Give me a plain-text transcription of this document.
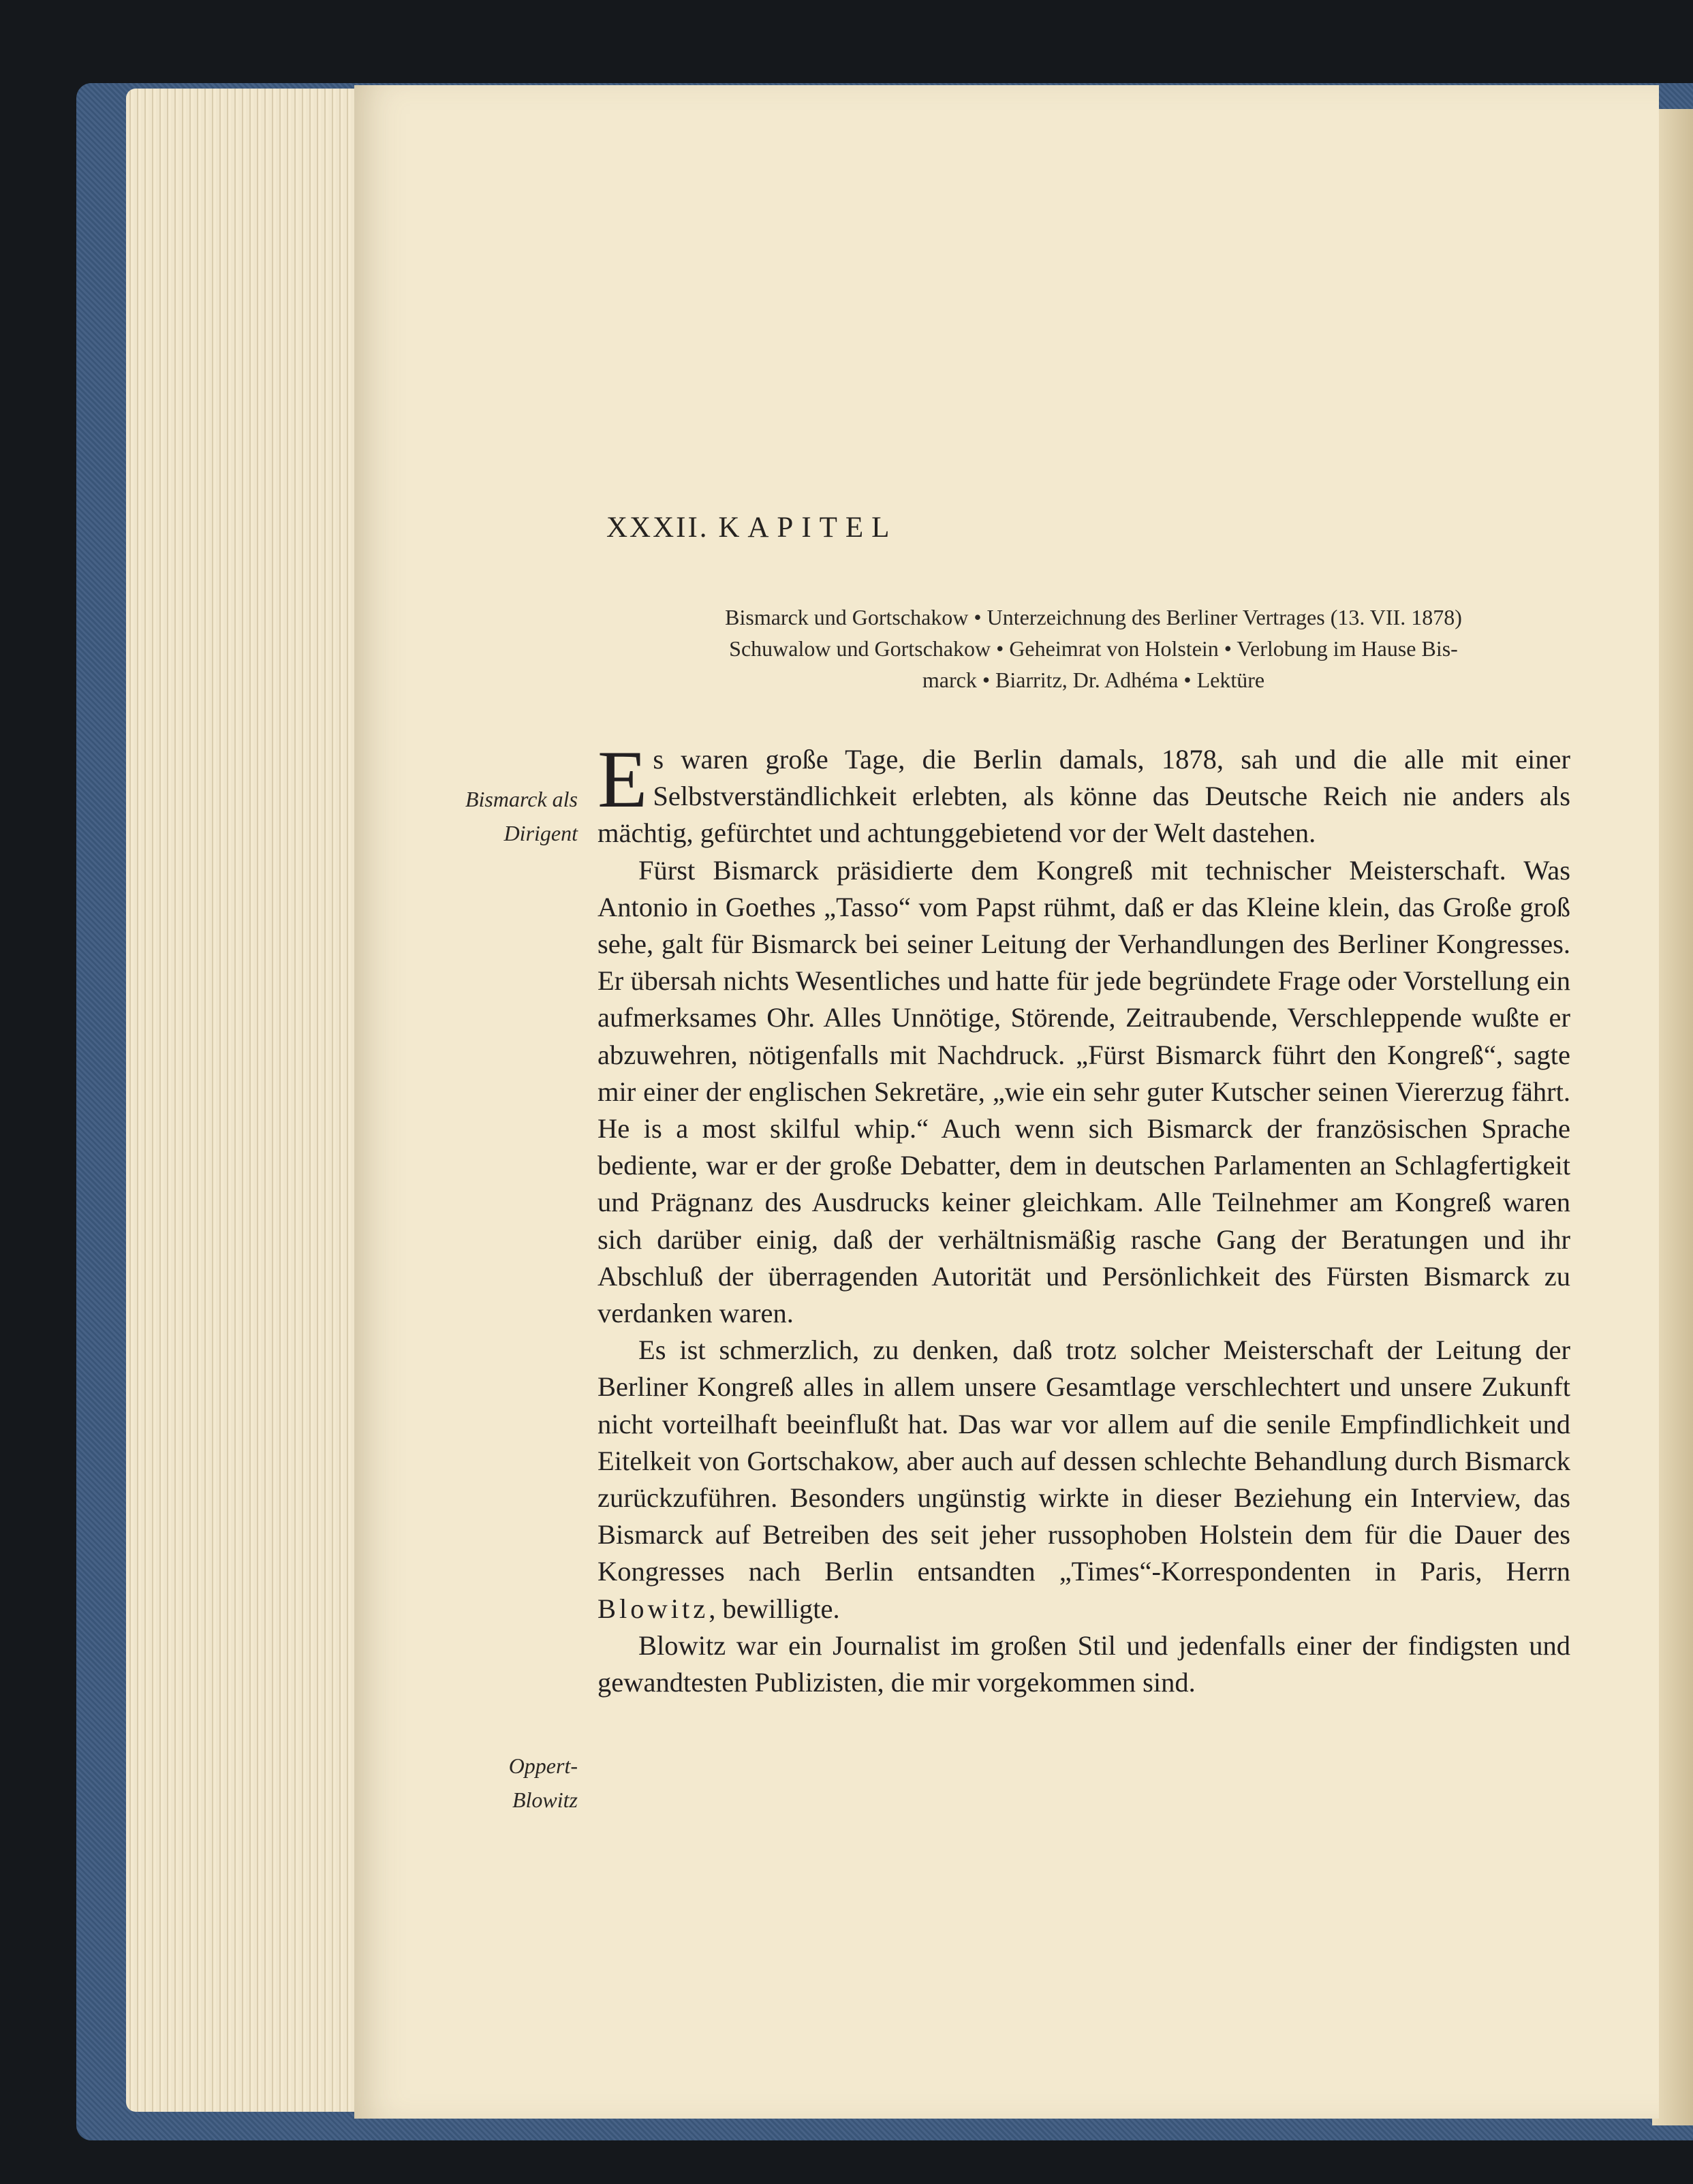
XXXII. KAPITEL
Bismarck und Gortschakow • Unterzeichnung des Berliner Vertrages (13. VII. 1878)
Schuwalow und Gortschakow • Geheimrat von Holstein • Verlobung im Hause Bis-
marck • Biarritz, Dr. Adhéma • Lektüre
Bismarck als
Dirigent
Oppert-
Blowitz

Es waren große Tage, die Berlin damals, 1878, sah und die alle mit einer Selbstverständlichkeit erlebten, als könne das Deutsche Reich nie anders als mächtig, gefürchtet und achtunggebietend vor der Welt dastehen.

Fürst Bismarck präsidierte dem Kongreß mit technischer Meisterschaft. Was Antonio in Goethes „Tasso“ vom Papst rühmt, daß er das Kleine klein, das Große groß sehe, galt für Bismarck bei seiner Leitung der Verhandlungen des Berliner Kongresses. Er übersah nichts Wesentliches und hatte für jede begründete Frage oder Vorstellung ein aufmerksames Ohr. Alles Unnötige, Störende, Zeitraubende, Verschleppende wußte er abzuwehren, nötigenfalls mit Nachdruck. „Fürst Bismarck führt den Kongreß“, sagte mir einer der englischen Sekretäre, „wie ein sehr guter Kutscher seinen Viererzug fährt. He is a most skilful whip.“ Auch wenn sich Bismarck der französischen Sprache bediente, war er der große Debatter, dem in deutschen Parlamenten an Schlagfertigkeit und Prägnanz des Ausdrucks keiner gleichkam. Alle Teilnehmer am Kongreß waren sich darüber einig, daß der verhältnismäßig rasche Gang der Beratungen und ihr Abschluß der überragenden Autorität und Persönlichkeit des Fürsten Bismarck zu verdanken waren.

Es ist schmerzlich, zu denken, daß trotz solcher Meisterschaft der Leitung der Berliner Kongreß alles in allem unsere Gesamtlage verschlechtert und unsere Zukunft nicht vorteilhaft beeinflußt hat. Das war vor allem auf die senile Empfindlichkeit und Eitelkeit von Gortschakow, aber auch auf dessen schlechte Behandlung durch Bismarck zurückzuführen. Besonders ungünstig wirkte in dieser Beziehung ein Interview, das Bismarck auf Betreiben des seit jeher russophoben Holstein dem für die Dauer des Kongresses nach Berlin entsandten „Times“-Korrespondenten in Paris, Herrn Blowitz, bewilligte.

Blowitz war ein Journalist im großen Stil und jedenfalls einer der findigsten und gewandtesten Publizisten, die mir vorgekommen sind.
